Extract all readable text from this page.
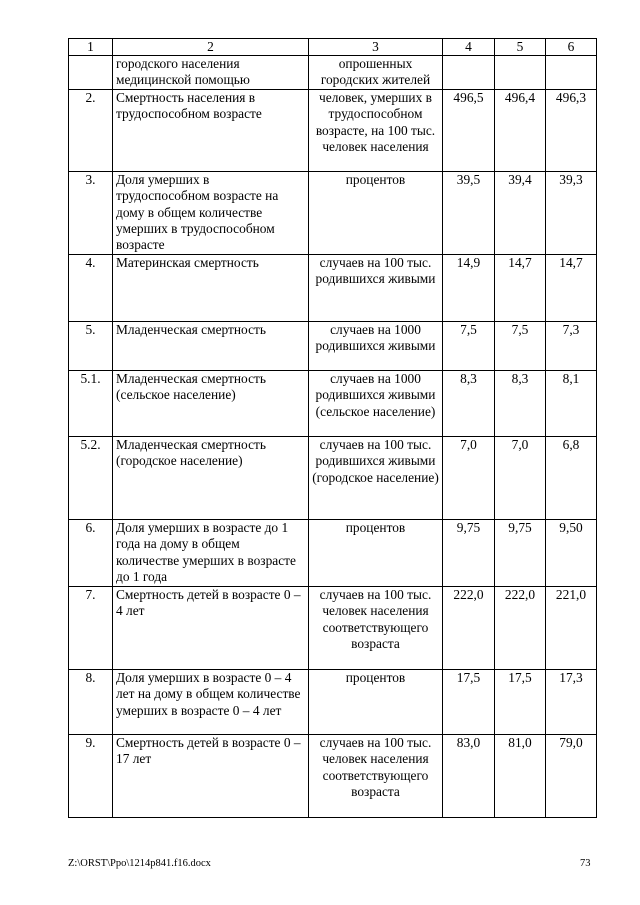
1	2	3	4	5	6
	городского населения медицинской помощью	опрошенных городских жителей			
2.	Смертность населения в трудоспособном возрасте	человек, умерших в трудоспособном возрасте, на 100 тыс. человек населения	496,5	496,4	496,3
3.	Доля умерших в трудоспособном возрасте на дому в общем количестве умерших в трудоспособном возрасте	процентов	39,5	39,4	39,3
4.	Материнская смертность	случаев на 100 тыс. родившихся живыми	14,9	14,7	14,7
5.	Младенческая смертность	случаев на 1000 родившихся живыми	7,5	7,5	7,3
5.1.	Младенческая смертность (сельское население)	случаев на 1000 родившихся живыми (сельское население)	8,3	8,3	8,1
5.2.	Младенческая смертность (городское население)	случаев на 100 тыс. родившихся живыми (городское население)	7,0	7,0	6,8
6.	Доля умерших в возрасте до 1 года на дому в общем количестве умерших в возрасте до 1 года	процентов	9,75	9,75	9,50
7.	Смертность детей в возрасте 0 – 4 лет	случаев на 100 тыс. человек населения соответствующего возраста	222,0	222,0	221,0
8.	Доля умерших в возрасте 0 – 4 лет на дому в общем количестве умерших в возрасте 0 – 4 лет	процентов	17,5	17,5	17,3
9.	Смертность детей в возрасте 0 – 17 лет	случаев на 100 тыс. человек населения соответствующего возраста	83,0	81,0	79,0
Z:\ORST\Ppo\1214p841.f16.docx	73
